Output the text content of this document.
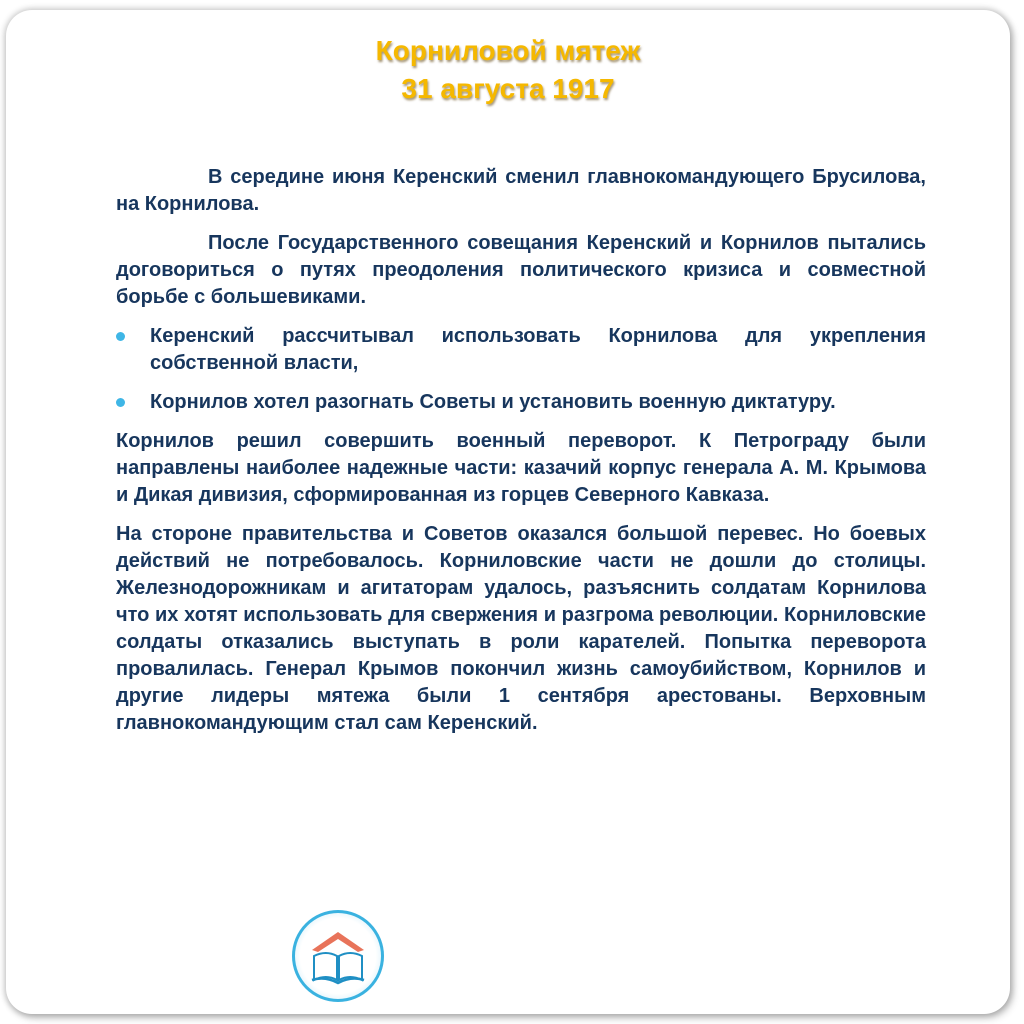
Корниловой мятеж
31 августа 1917

В середине июня Керенский сменил главнокомандующего Брусилова, на Корнилова.

После Государственного совещания Керенский и Корнилов пытались договориться о путях преодоления политического кризиса и совместной борьбе с большевиками.

Керенский рассчитывал использовать Корнилова для укрепления собственной власти,
Корнилов хотел разогнать Советы и установить военную диктатуру.

Корнилов решил совершить военный переворот. К Петрограду были направлены наиболее надежные части: казачий корпус генерала А. М. Крымова и Дикая дивизия, сформированная из горцев Северного Кавказа.

На стороне правительства и Советов оказался большой перевес. Но боевых действий не потребовалось. Корниловские части не дошли до столицы. Железнодорожникам и агитаторам удалось, разъяснить солдатам Корнилова что их хотят использовать для свержения и разгрома революции. Корниловские солдаты отказались выступать в роли карателей. Попытка переворота провалилась. Генерал Крымов покончил жизнь самоубийством, Корнилов и другие лидеры мятежа были 1 сентября арестованы. Верховным главнокомандующим стал сам Керенский.
